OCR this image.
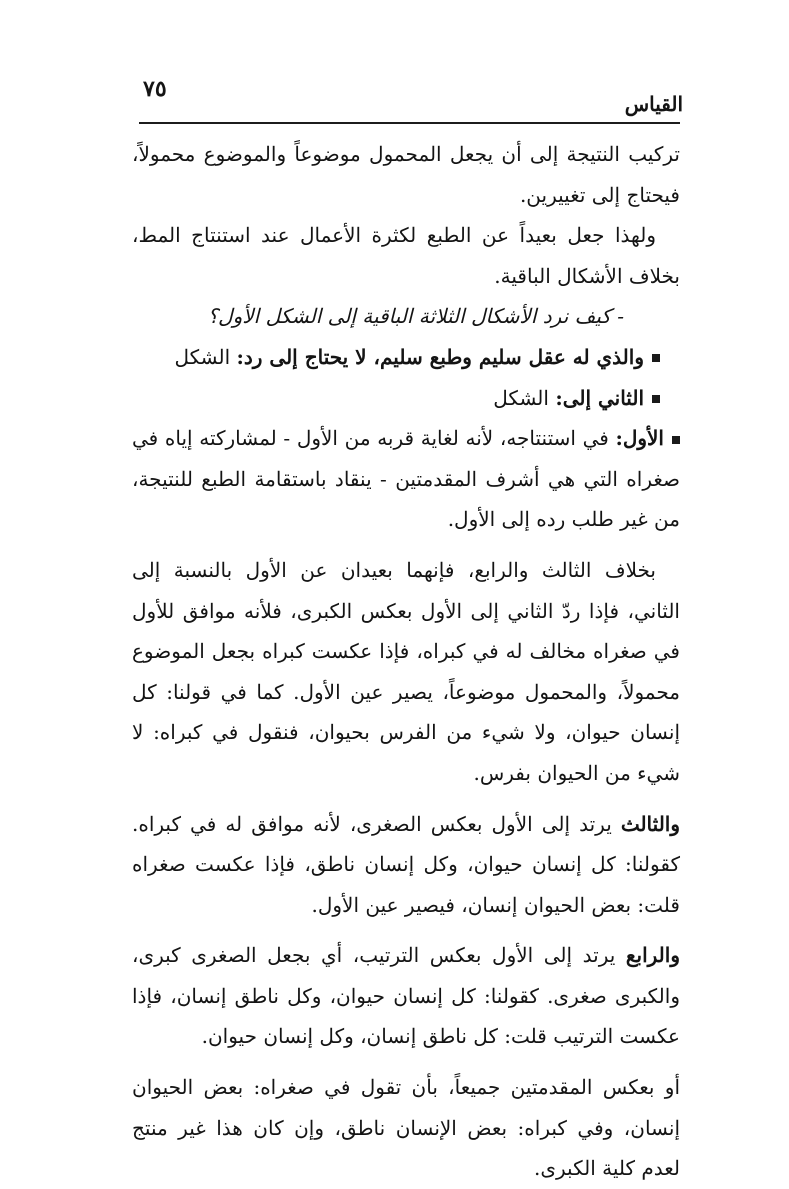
٧٥
القياس

تركيب النتيجة إلى أن يجعل المحمول موضوعاً والموضوع محمولاً، فيحتاج إلى تغييرين.

ولهذا جعل بعيداً عن الطبع لكثرة الأعمال عند استنتاج المط، بخلاف الأشكال الباقية.

- كيف نرد الأشكال الثلاثة الباقية إلى الشكل الأول؟

والذي له عقل سليم وطبع سليم، لا يحتاج إلى رد: الشكل

الثاني إلى: الشكل

الأول: في استنتاجه، لأنه لغاية قربه من الأول - لمشاركته إياه في صغراه التي هي أشرف المقدمتين - ينقاد باستقامة الطبع للنتيجة، من غير طلب رده إلى الأول.

بخلاف الثالث والرابع، فإنهما بعيدان عن الأول بالنسبة إلى الثاني، فإذا ردّ الثاني إلى الأول بعكس الكبرى، فلأنه موافق للأول في صغراه مخالف له في كبراه، فإذا عكست كبراه بجعل الموضوع محمولاً، والمحمول موضوعاً، يصير عين الأول. كما في قولنا: كل إنسان حيوان، ولا شيء من الفرس بحيوان، فنقول في كبراه: لا شيء من الحيوان بفرس.

والثالث يرتد إلى الأول بعكس الصغرى، لأنه موافق له في كبراه. كقولنا: كل إنسان حيوان، وكل إنسان ناطق، فإذا عكست صغراه قلت: بعض الحيوان إنسان، فيصير عين الأول.

والرابع يرتد إلى الأول بعكس الترتيب، أي بجعل الصغرى كبرى، والكبرى صغرى. كقولنا: كل إنسان حيوان، وكل ناطق إنسان، فإذا عكست الترتيب قلت: كل ناطق إنسان، وكل إنسان حيوان.

أو بعكس المقدمتين جميعاً، بأن تقول في صغراه: بعض الحيوان إنسان، وفي كبراه: بعض الإنسان ناطق، وإن كان هذا غير منتج لعدم كلية الكبرى.
